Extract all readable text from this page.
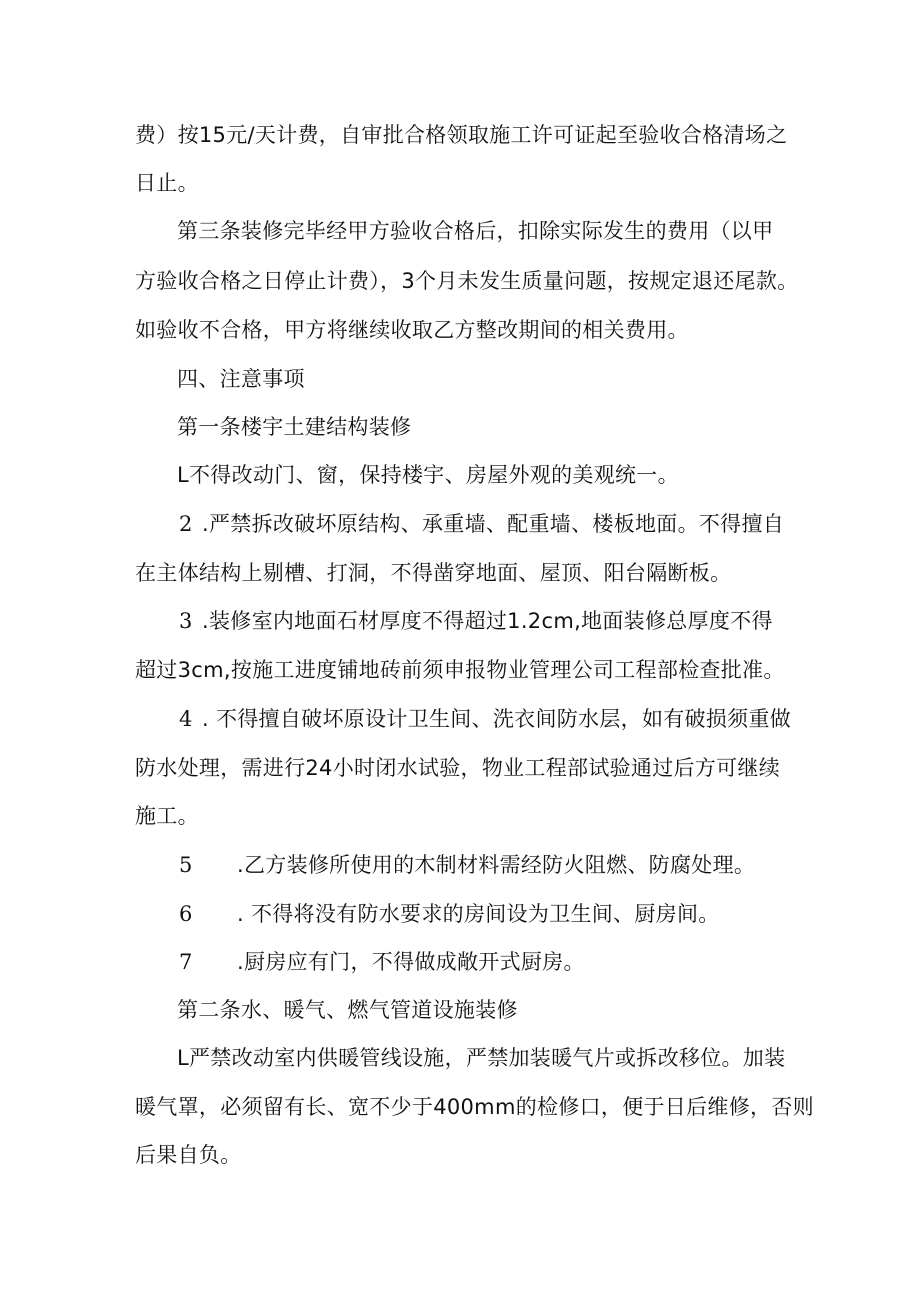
费）按15元/天计费，自审批合格领取施工许可证起至验收合格清场之
日止。
第三条装修完毕经甲方验收合格后，扣除实际发生的费用（以甲
方验收合格之日停止计费），3个月未发生质量问题，按规定退还尾款。
如验收不合格，甲方将继续收取乙方整改期间的相关费用。
四、注意事项
第一条楼宇土建结构装修
L不得改动门、窗，保持楼宇、房屋外观的美观统一。
2 .严禁拆改破坏原结构、承重墙、配重墙、楼板地面。不得擅自
在主体结构上剔槽、打洞，不得凿穿地面、屋顶、阳台隔断板。
3 .装修室内地面石材厚度不得超过1.2cm,地面装修总厚度不得
超过3cm,按施工进度铺地砖前须申报物业管理公司工程部检查批准。
4 . 不得擅自破坏原设计卫生间、洗衣间防水层，如有破损须重做
防水处理，需进行24小时闭水试验，物业工程部试验通过后方可继续
施工。
5 .乙方装修所使用的木制材料需经防火阻燃、防腐处理。
6 . 不得将没有防水要求的房间设为卫生间、厨房间。
7 .厨房应有门，不得做成敞开式厨房。
第二条水、暖气、燃气管道设施装修
L严禁改动室内供暖管线设施，严禁加装暖气片或拆改移位。加装
暖气罩，必须留有长、宽不少于400mm的检修口，便于日后维修，否则
后果自负。
